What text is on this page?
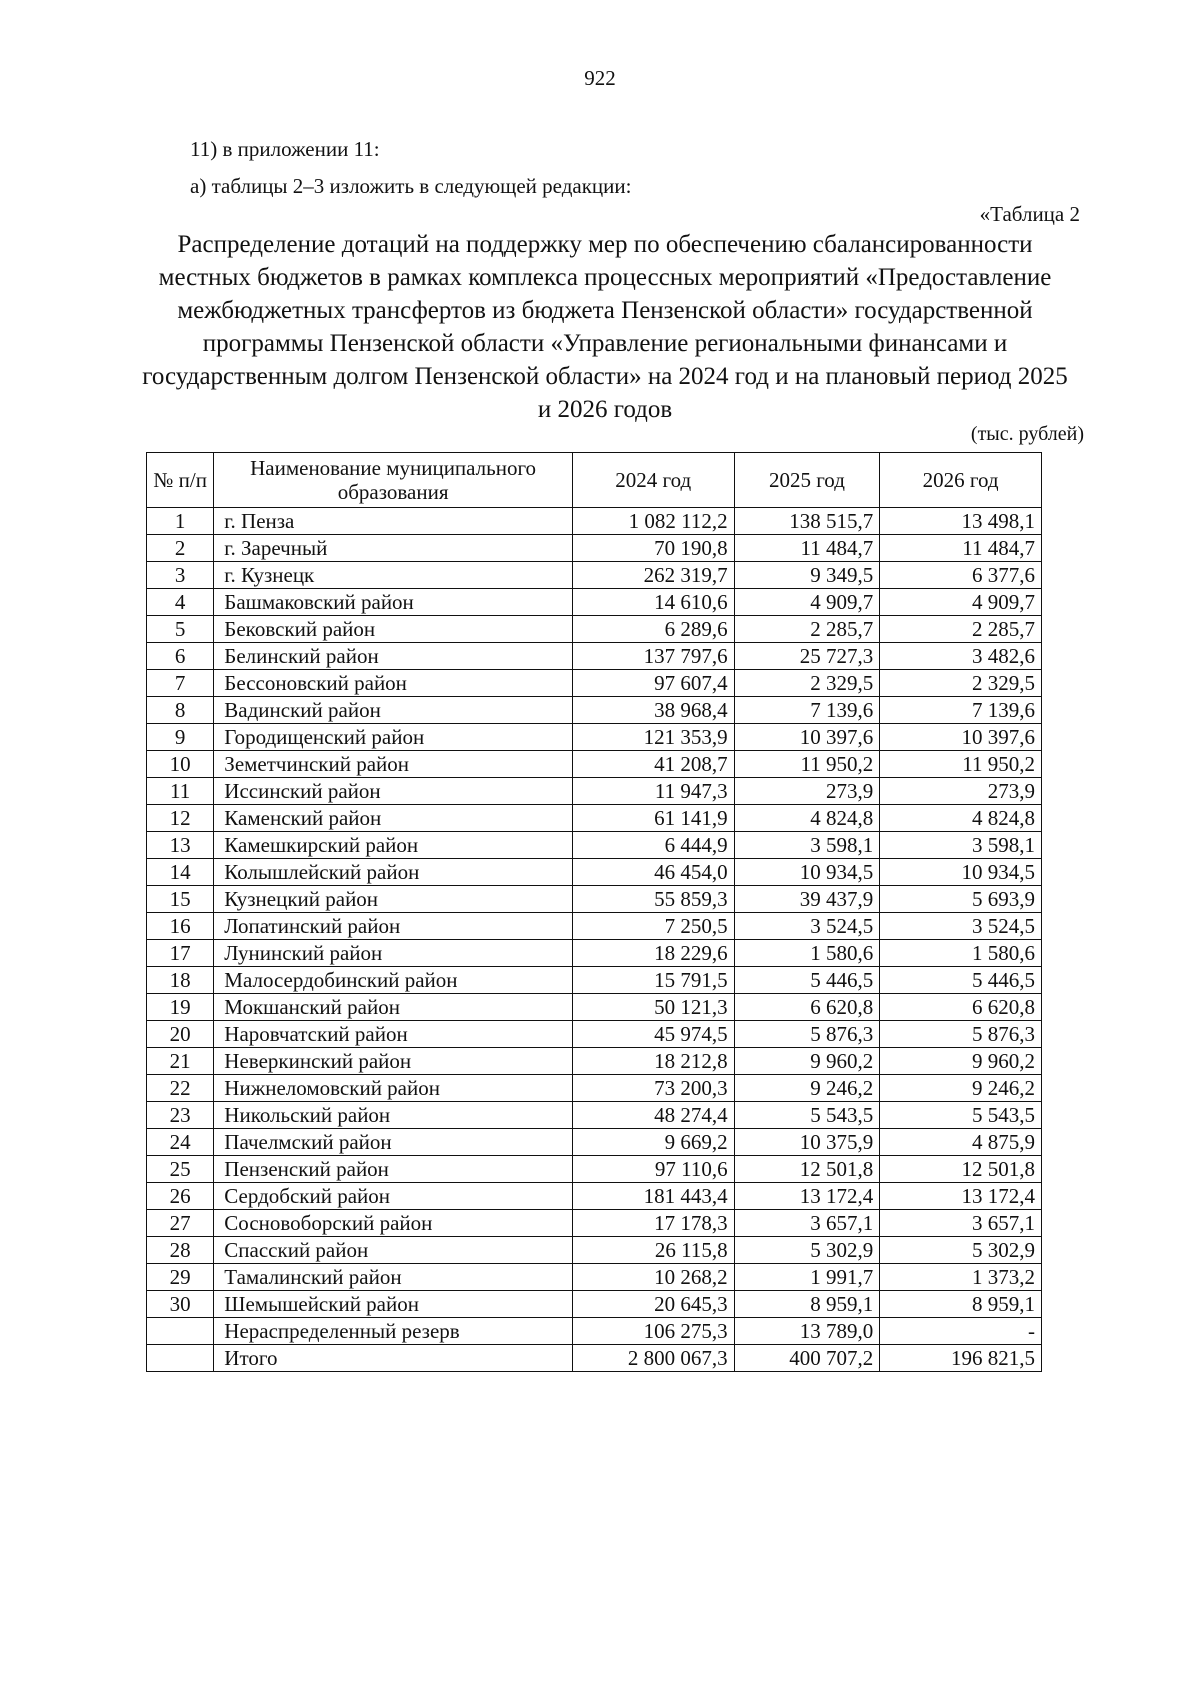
922
11) в приложении 11:
а) таблицы 2–3 изложить в следующей редакции:
«Таблица 2
Распределение дотаций на поддержку мер по обеспечению сбалансированности местных бюджетов в рамках комплекса процессных мероприятий «Предоставление межбюджетных трансфертов из бюджета Пензенской области» государственной программы Пензенской области «Управление региональными финансами и государственным долгом Пензенской области» на 2024 год и на плановый период 2025 и 2026 годов
(тыс. рублей)
№ п/п	Наименование муниципального образования	2024 год	2025 год	2026 год
1	г. Пенза	1 082 112,2	138 515,7	13 498,1
2	г. Заречный	70 190,8	11 484,7	11 484,7
3	г. Кузнецк	262 319,7	9 349,5	6 377,6
4	Башмаковский район	14 610,6	4 909,7	4 909,7
5	Бековский район	6 289,6	2 285,7	2 285,7
6	Белинский район	137 797,6	25 727,3	3 482,6
7	Бессоновский район	97 607,4	2 329,5	2 329,5
8	Вадинский район	38 968,4	7 139,6	7 139,6
9	Городищенский район	121 353,9	10 397,6	10 397,6
10	Земетчинский район	41 208,7	11 950,2	11 950,2
11	Иссинский район	11 947,3	273,9	273,9
12	Каменский район	61 141,9	4 824,8	4 824,8
13	Камешкирский район	6 444,9	3 598,1	3 598,1
14	Колышлейский район	46 454,0	10 934,5	10 934,5
15	Кузнецкий район	55 859,3	39 437,9	5 693,9
16	Лопатинский район	7 250,5	3 524,5	3 524,5
17	Лунинский район	18 229,6	1 580,6	1 580,6
18	Малосердобинский район	15 791,5	5 446,5	5 446,5
19	Мокшанский район	50 121,3	6 620,8	6 620,8
20	Наровчатский район	45 974,5	5 876,3	5 876,3
21	Неверкинский район	18 212,8	9 960,2	9 960,2
22	Нижнеломовский район	73 200,3	9 246,2	9 246,2
23	Никольский район	48 274,4	5 543,5	5 543,5
24	Пачелмский район	9 669,2	10 375,9	4 875,9
25	Пензенский район	97 110,6	12 501,8	12 501,8
26	Сердобский район	181 443,4	13 172,4	13 172,4
27	Сосновоборский район	17 178,3	3 657,1	3 657,1
28	Спасский район	26 115,8	5 302,9	5 302,9
29	Тамалинский район	10 268,2	1 991,7	1 373,2
30	Шемышейский район	20 645,3	8 959,1	8 959,1
	Нераспределенный резерв	106 275,3	13 789,0	-
	Итого	2 800 067,3	400 707,2	196 821,5
